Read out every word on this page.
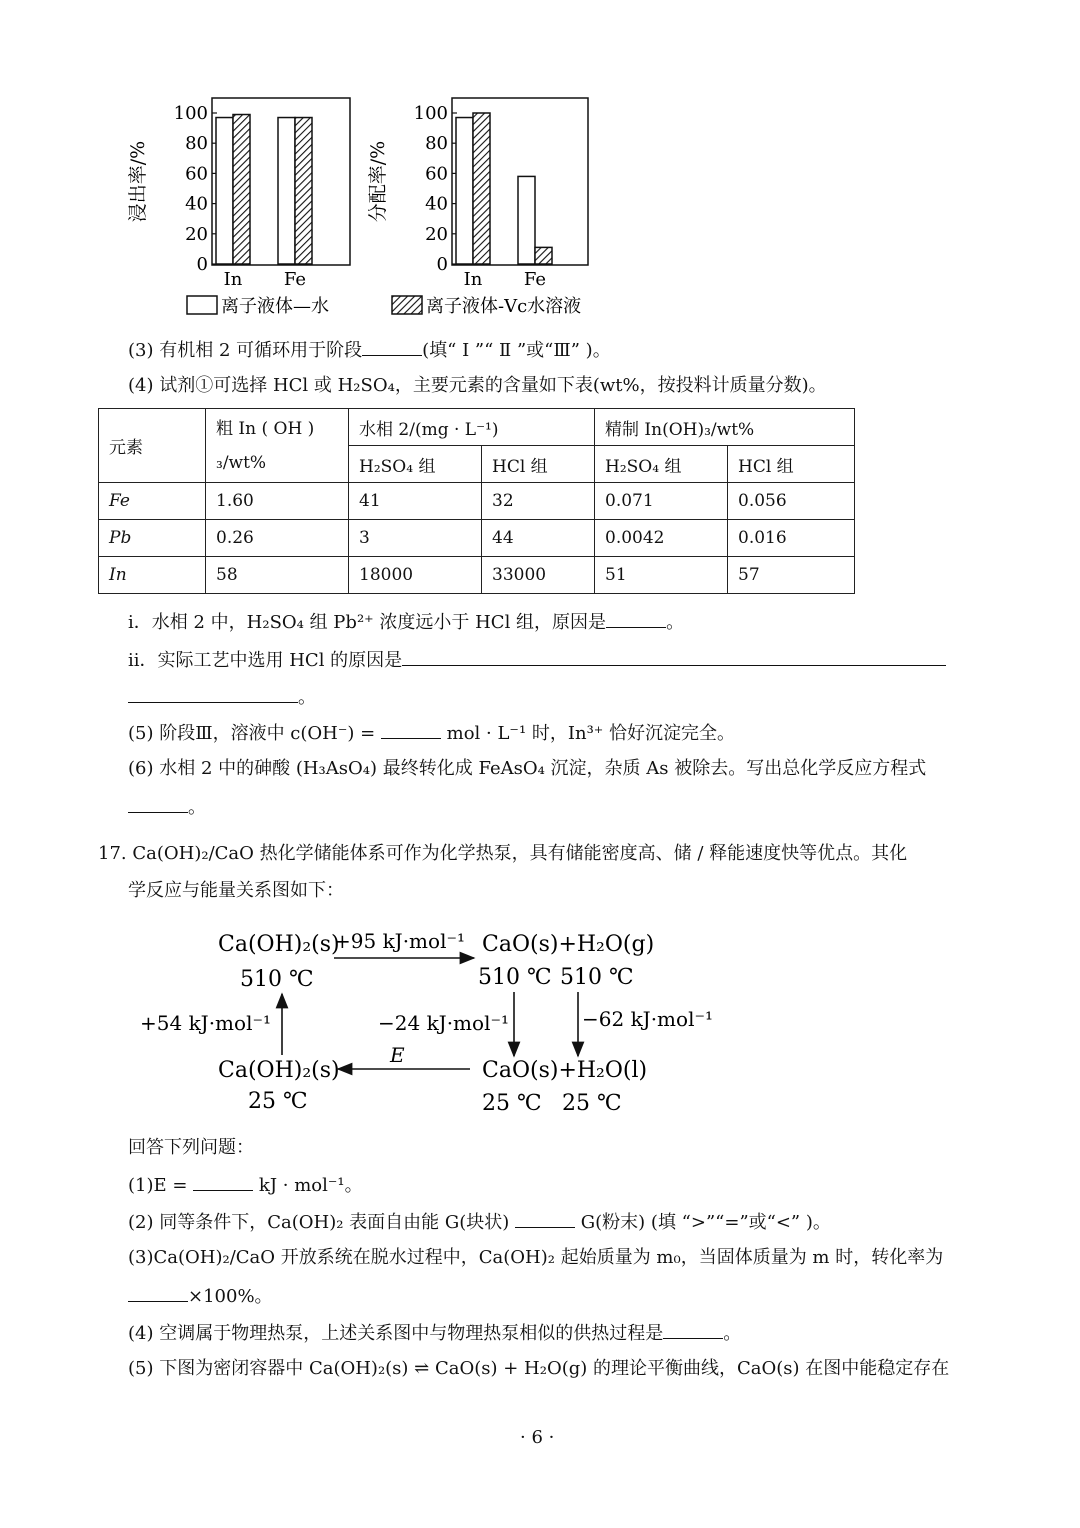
0
20
40
60
80
100
浸出率/%
In Fe
0
20
40
60
80
100
分配率/%
In Fe
离子液体—水	离子液体-Vc水溶液
(3) 有机相 2 可循环用于阶段	(填“ Ⅰ ”“ Ⅱ ”或“Ⅲ” )。
(4) 试剂①可选择 HCl 或 H₂SO₄，主要元素的含量如下表(wt%，按投料计质量分数)。
元素	粗 In ( OH )
₃/wt%	水相 2/(mg · L⁻¹)		精制 In(OH)₃/wt%	
		H₂SO₄ 组	HCl 组	H₂SO₄ 组	HCl 组
Fe	1.60	41	32	0.071	0.056
Pb	0.26	3	44	0.0042	0.016
In	58	18000	33000	51	57
i．水相 2 中，H₂SO₄ 组 Pb²⁺ 浓度远小于 HCl 组，原因是	。
ii．实际工艺中选用 HCl 的原因是
。
(5) 阶段Ⅲ，溶液中 c(OH⁻) =	mol · L⁻¹ 时，In³⁺ 恰好沉淀完全。
(6) 水相 2 中的砷酸 (H₃AsO₄) 最终转化成 FeAsO₄ 沉淀，杂质 As 被除去。写出总化学反应方程式
。
17. Ca(OH)₂/CaO 热化学储能体系可作为化学热泵，具有储能密度高、储 / 释能速度快等优点。其化
学反应与能量关系图如下：
Ca(OH)₂(s)
510 ℃
+95 kJ·mol⁻¹ CaO(s)+H₂O(g)
510 ℃ 510 ℃
+54 kJ·mol⁻¹	−24 kJ·mol⁻¹	−62 kJ·mol⁻¹
E
Ca(OH)₂(s)
25 ℃
CaO(s)+H₂O(l)
25 ℃ 25 ℃
回答下列问题：
(1)E =	kJ · mol⁻¹。
(2) 同等条件下，Ca(OH)₂ 表面自由能 G(块状)	G(粉末) (填 “>”“=”或“<” )。
(3)Ca(OH)₂/CaO 开放系统在脱水过程中，Ca(OH)₂ 起始质量为 m₀，当固体质量为 m 时，转化率为
×100%。
(4) 空调属于物理热泵，上述关系图中与物理热泵相似的供热过程是	。
(5) 下图为密闭容器中 Ca(OH)₂(s) ⇌ CaO(s) + H₂O(g) 的理论平衡曲线，CaO(s) 在图中能稳定存在
· 6 ·
